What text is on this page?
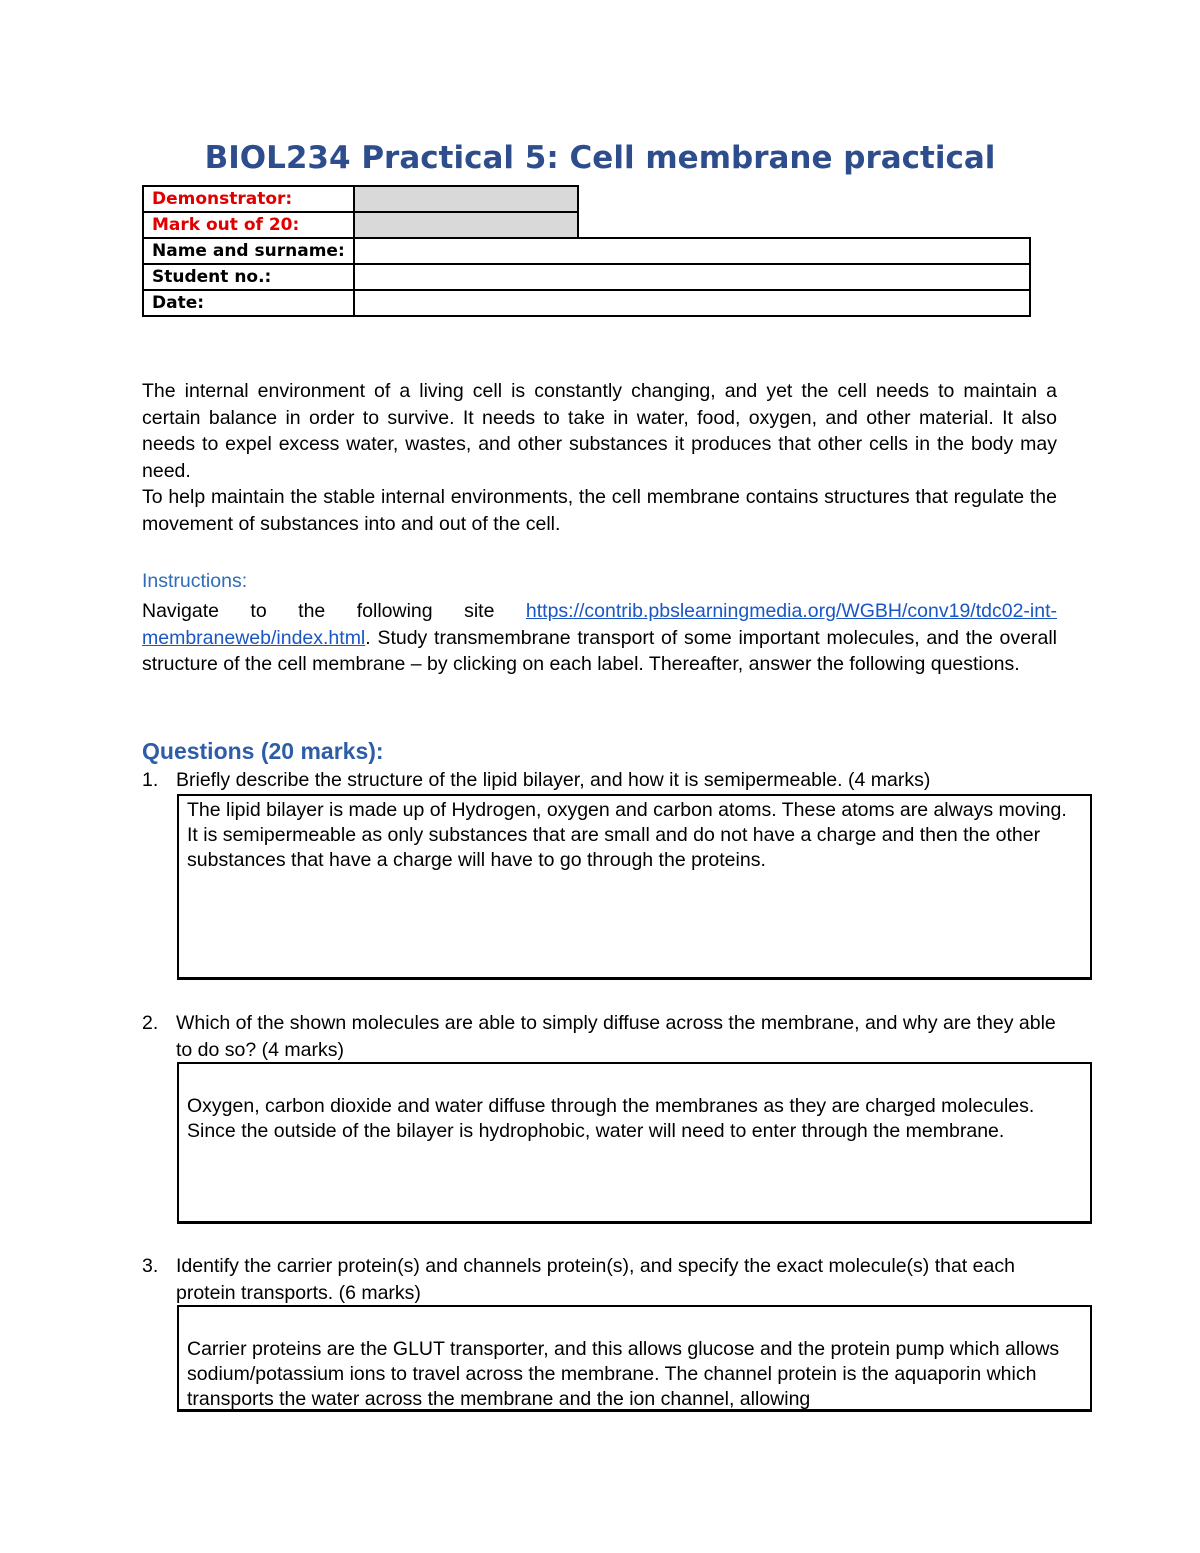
BIOL234 Practical 5: Cell membrane practical
Demonstrator:		
Mark out of 20:		
Name and surname:		
Student no.:		
Date:		

The internal environment of a living cell is constantly changing, and yet the cell needs to maintain a certain balance in order to survive. It needs to take in water, food, oxygen, and other material. It also needs to expel excess water, wastes, and other substances it produces that other cells in the body may need.

To help maintain the stable internal environments, the cell membrane contains structures that regulate the movement of substances into and out of the cell.

Instructions:

Navigate to the following site https://contrib.pbslearningmedia.org/WGBH/conv19/tdc02-int-membraneweb/index.html. Study transmembrane transport of some important molecules, and the overall structure of the cell membrane – by clicking on each label. Thereafter, answer the following questions.

Questions (20 marks):

1. Briefly describe the structure of the lipid bilayer, and how it is semipermeable. (4 marks)

The lipid bilayer is made up of Hydrogen, oxygen and carbon atoms. These atoms are always moving. It is semipermeable as only substances that are small and do not have a charge and then the other substances that have a charge will have to go through the proteins.

2. Which of the shown molecules are able to simply diffuse across the membrane, and why are they able to do so? (4 marks)

Oxygen, carbon dioxide and water diffuse through the membranes as they are charged molecules. Since the outside of the bilayer is hydrophobic, water will need to enter through the membrane.

3. Identify the carrier protein(s) and channels protein(s), and specify the exact molecule(s) that each protein transports. (6 marks)

Carrier proteins are the GLUT transporter, and this allows glucose and the protein pump which allows sodium/potassium ions to travel across the membrane. The channel protein is the aquaporin which transports the water across the membrane and the ion channel, allowing
